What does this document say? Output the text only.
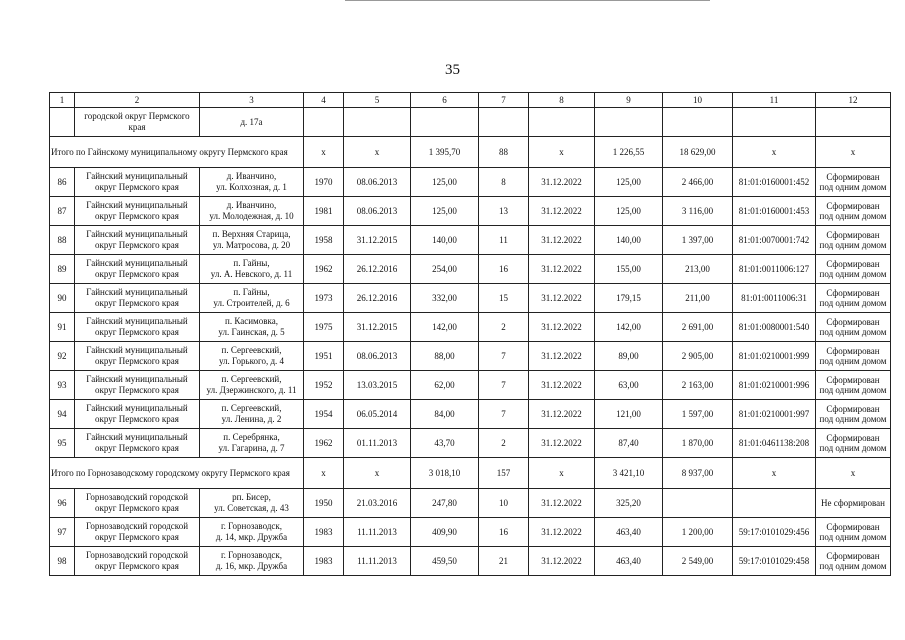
35
1	2	3	4	5	6	7	8	9	10	11	12

	городской округ Пермского
края	д. 17а									
Итого по Гайнскому муниципальному округу Пермского края			х	х	1 395,70	88	х	1 226,55	18 629,00	х	х
86	Гайнский муниципальный
округ Пермского края	д. Иванчино,
ул. Колхозная, д. 1	1970	08.06.2013	125,00	8	31.12.2022	125,00	2 466,00	81:01:0160001:452	Сформирован
под одним домом

87	Гайнский муниципальный
округ Пермского края	д. Иванчино,
ул. Молодежная, д. 10	1981	08.06.2013	125,00	13	31.12.2022	125,00	3 116,00	81:01:0160001:453	Сформирован
под одним домом

88	Гайнский муниципальный
округ Пермского края	п. Верхняя Старица,
ул. Матросова, д. 20	1958	31.12.2015	140,00	11	31.12.2022	140,00	1 397,00	81:01:0070001:742	Сформирован
под одним домом

89	Гайнский муниципальный
округ Пермского края	п. Гайны,
ул. А. Невского, д. 11	1962	26.12.2016	254,00	16	31.12.2022	155,00	213,00	81:01:0011006:127	Сформирован
под одним домом

90	Гайнский муниципальный
округ Пермского края	п. Гайны,
ул. Строителей, д. 6	1973	26.12.2016	332,00	15	31.12.2022	179,15	211,00	81:01:0011006:31	Сформирован
под одним домом

91	Гайнский муниципальный
округ Пермского края	п. Касимовка,
ул. Гаинская, д. 5	1975	31.12.2015	142,00	2	31.12.2022	142,00	2 691,00	81:01:0080001:540	Сформирован
под одним домом

92	Гайнский муниципальный
округ Пермского края	п. Сергеевский,
ул. Горького, д. 4	1951	08.06.2013	88,00	7	31.12.2022	89,00	2 905,00	81:01:0210001:999	Сформирован
под одним домом

93	Гайнский муниципальный
округ Пермского края	п. Сергеевский,
ул. Дзержинского, д. 11	1952	13.03.2015	62,00	7	31.12.2022	63,00	2 163,00	81:01:0210001:996	Сформирован
под одним домом

94	Гайнский муниципальный
округ Пермского края	п. Сергеевский,
ул. Ленина, д. 2	1954	06.05.2014	84,00	7	31.12.2022	121,00	1 597,00	81:01:0210001:997	Сформирован
под одним домом

95	Гайнский муниципальный
округ Пермского края	п. Серебрянка,
ул. Гагарина, д. 7	1962	01.11.2013	43,70	2	31.12.2022	87,40	1 870,00	81:01:0461138:208	Сформирован
под одним домом

Итого по Горнозаводскому городскому округу Пермского края			х	х	3 018,10	157	х	3 421,10	8 937,00	х	х
96	Горнозаводский городской
округ Пермского края	рп. Бисер,
ул. Советская, д. 43	1950	21.03.2016	247,80	10	31.12.2022	325,20			Не сформирован

97	Горнозаводский городской
округ Пермского края	г. Горнозаводск,
д. 14, мкр. Дружба	1983	11.11.2013	409,90	16	31.12.2022	463,40	1 200,00	59:17:0101029:456	Сформирован
под одним домом

98	Горнозаводский городской
округ Пермского края	г. Горнозаводск,
д. 16, мкр. Дружба	1983	11.11.2013	459,50	21	31.12.2022	463,40	2 549,00	59:17:0101029:458	Сформирован
под одним домом
